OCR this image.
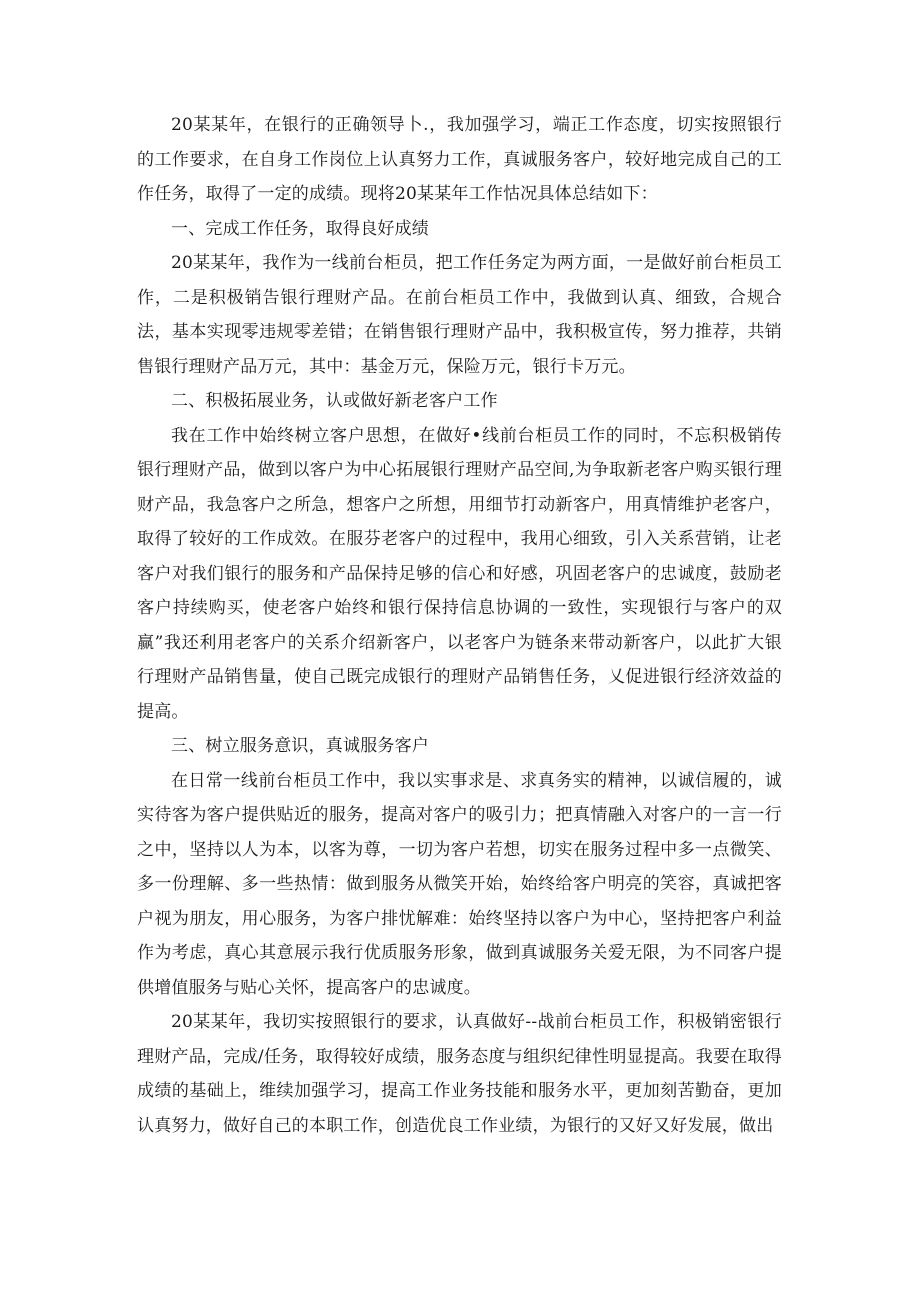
20某某年，在银行的正确领导卜.，我加强学习，端正工作态度，切实按照银行的工作要求，在自身工作岗位上认真努力工作，真诚服务客户，较好地完成自己的工作任务，取得了一定的成绩。现将20某某年工作怙况具体总结如下：

一、完成工作任务，取得良好成绩

20某某年，我作为一线前台柜员，把工作任务定为两方面，一是做好前台柜员工作，二是积极销告银行理财产品。在前台柜员工作中，我做到认真、细致，合规合法，基本实现零违规零差错；在销售银行理财产品中，我积极宣传，努力推荐，共销售银行理财产品万元，其中：基金万元，保险万元，银行卡万元。

二、积极拓展业务，认或做好新老客户工作

我在工作中始终树立客户思想，在做好•线前台柜员工作的同时，不忘积极销传银行理财产品，做到以客户为中心拓展银行理财产品空间,为争取新老客户购买银行理财产品，我急客户之所急，想客户之所想，用细节打动新客户，用真情维护老客户，取得了较好的工作成效。在服芬老客户的过程中，我用心细致，引入关系营销，让老客户对我们银行的服务和产品保持足够的信心和好感，巩固老客户的忠诚度，鼓励老客户持续购买，使老客户始终和银行保持信息协调的一致性，实现银行与客户的双赢”我还利用老客户的关系介绍新客户，以老客户为链条来带动新客户，以此扩大银行理财产品销售量，使自己既完成银行的理财产品销售任务，乂促进银行经济效益的提高。

三、树立服务意识，真诚服务客户

在日常一线前台柜员工作中，我以实事求是、求真务实的精神，以诚信履的，诚实待客为客户提供贴近的服务，提高对客户的吸引力；把真情融入对客户的一言一行之中，坚持以人为本，以客为尊，一切为客户若想，切实在服务过程中多一点微笑、多一份理解、多一些热情：做到服务从微笑开始，始终给客户明亮的笑容，真诚把客户视为朋友，用心服务，为客户排忧解难：始终坚持以客户为中心，坚持把客户利益作为考虑，真心其意展示我行优质服务形象，做到真诚服务关爱无限，为不同客户提供增值服务与贴心关怀，提高客户的忠诚度。

20某某年，我切实按照银行的要求，认真做好--战前台柜员工作，积极销密银行理财产品，完成/任务，取得较好成绩，服务态度与组织纪律性明显提高。我要在取得成绩的基础上，维续加强学习，提高工作业务技能和服务水平，更加刻苦勤奋，更加认真努力，做好自己的本职工作，创造优良工作业绩，为银行的又好又好发展，做出
